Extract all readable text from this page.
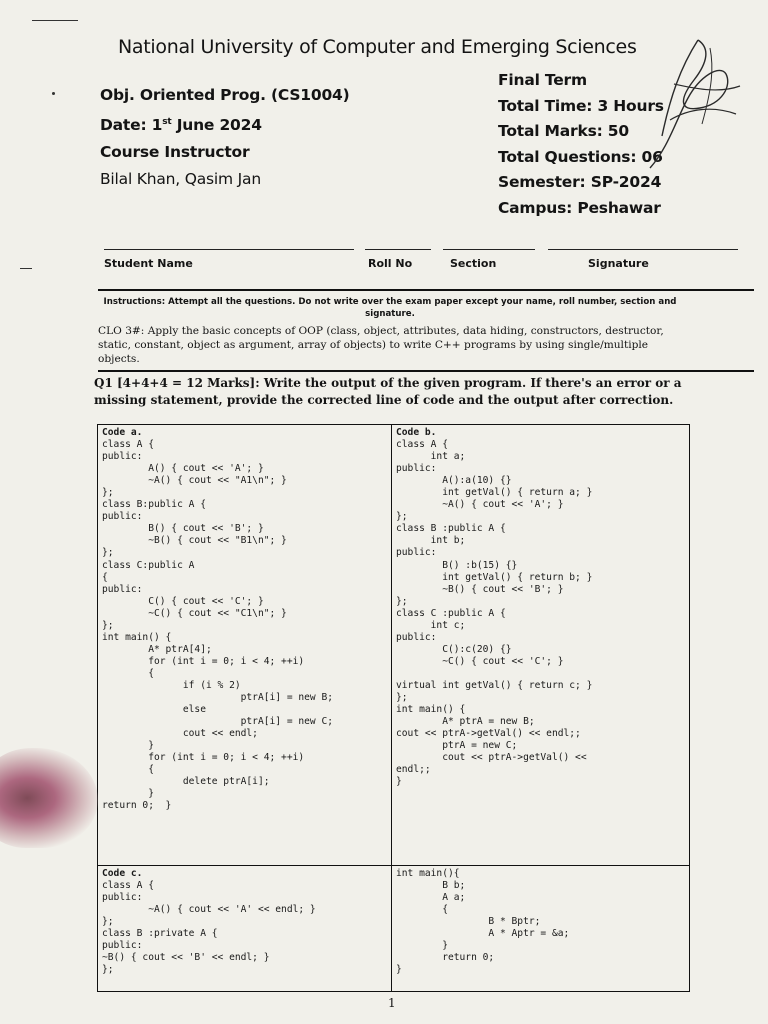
National University of Computer and Emerging Sciences
Obj. Oriented Prog. (CS1004)
Date: 1st June 2024
Course Instructor
Bilal Khan, Qasim Jan
Final Term
Total Time: 3 Hours
Total Marks: 50
Total Questions: 06
Semester: SP-2024
Campus: Peshawar
Student Name	Roll No	Section	Signature
Instructions: Attempt all the questions. Do not write over the exam paper except your name, roll number, section and signature.
CLO 3#: Apply the basic concepts of OOP (class, object, attributes, data hiding, constructors, destructor, static, constant, object as argument, array of objects) to write C++ programs by using single/multiple objects.
Q1 [4+4+4 = 12 Marks]: Write the output of the given program. If there's an error or a missing statement, provide the corrected line of code and the output after correction.
Code a.
class A {
public:
A() { cout << 'A'; }
~A() { cout << "A1\n"; }
};
class B:public A {
public:
B() { cout << 'B'; }
~B() { cout << "B1\n"; }
};
class C:public A
{
public:
C() { cout << 'C'; }
~C() { cout << "C1\n"; }
};
int main() {
A* ptrA[4];
for (int i = 0; i < 4; ++i)
{
if (i % 2)
ptrA[i] = new B;
else
ptrA[i] = new C;
cout << endl;
}
for (int i = 0; i < 4; ++i)
{
delete ptrA[i];
}
return 0;  }
Code b.
class A {
int a;
public:
A():a(10) {}
int getVal() { return a; }
~A() { cout << 'A'; }
};
class B :public A {
int b;
public:
B() :b(15) {}
int getVal() { return b; }
~B() { cout << 'B'; }
};
class C :public A {
int c;
public:
C():c(20) {}
~C() { cout << 'C'; }

virtual int getVal() { return c; }
};
int main() {
A* ptrA = new B;
cout << ptrA->getVal() << endl;;
ptrA = new C;
cout << ptrA->getVal() <<
endl;;
}
Code c.
class A {
public:
~A() { cout << 'A' << endl; }
};
class B :private A {
public:
~B() { cout << 'B' << endl; }
};
int main(){
B b;
A a;
{
B * Bptr;
A * Aptr = &a;
}
return 0;
}
1
